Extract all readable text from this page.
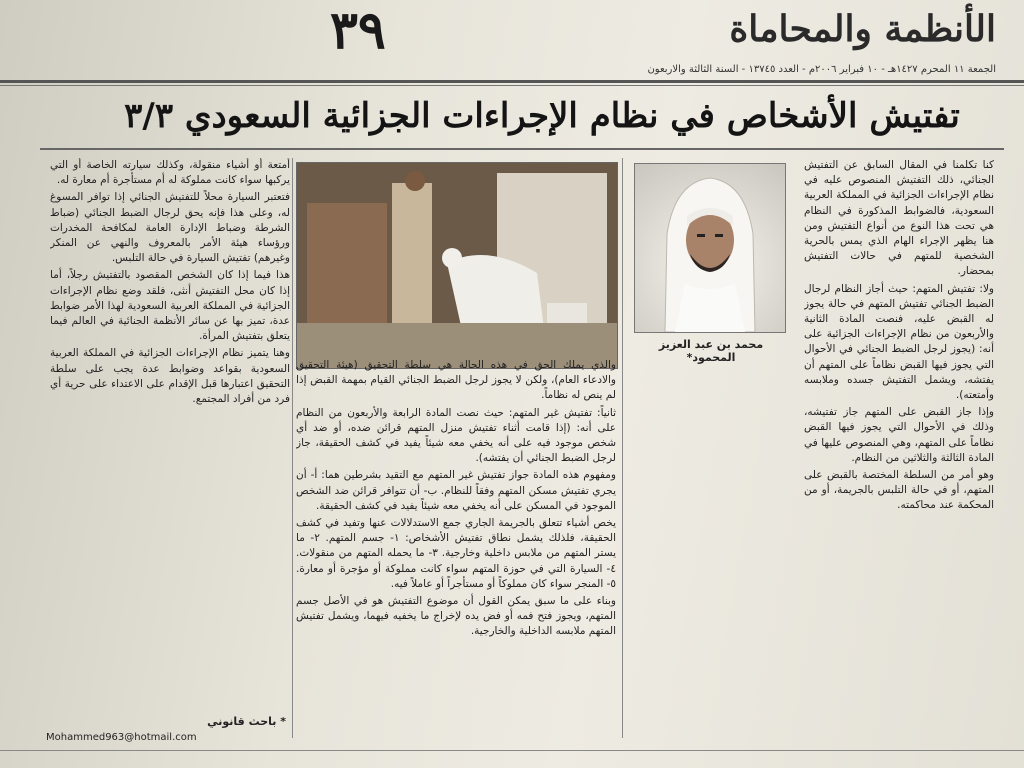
٣٩	الأنظمة والمحاماة
الجمعة ١١ المحرم ١٤٢٧هـ - ١٠ فبراير ٢٠٠٦م - العدد ١٣٧٤٥ - السنة الثالثة والاربعون
تفتيش الأشخاص في نظام الإجراءات الجزائية السعودي ٣/٣

كنا تكلمنا في المقال السابق عن التفتيش الجنائي، ذلك التفتيش المنصوص عليه في نظام الإجراءات الجزائية في المملكة العربية السعودية، فالضوابط المذكورة في النظام هي تحت هذا النوع من أنواع التفتيش ومن هنا يظهر الإجراء الهام الذي يمس بالحرية الشخصية للمتهم في حالات التفتيش بمحضار.

ولا: تفتيش المتهم: حيث أجاز النظام لرجال الضبط الجنائي تفتيش المتهم في حالة يجوز له القبض عليه، فنصت المادة الثانية والأربعون من نظام الإجراءات الجزائية على أنه: (يجوز لرجل الضبط الجنائي في الأحوال التي يجوز فيها القبض نظاماً على المتهم أن يفتشه، ويشمل التفتيش جسده وملابسه وأمتعته).

وإذا جاز القبض على المتهم جاز تفتيشه، وذلك في الأحوال التي يجوز فيها القبض نظاماً على المتهم، وهي المنصوص عليها في المادة الثالثة والثلاثين من النظام.

وهو أمر من السلطة المختصة بالقبض على المتهم، أو في حالة التلبس بالجريمة، أو من المحكمة عند محاكمته.

محمد بن عبد العزيز المحمود*

والذي يملك الحق في هذه الحالة هي سلطة التحقيق (هيئة التحقيق والادعاء العام)، ولكن لا يجوز لرجل الضبط الجنائي القيام بمهمة القبض إذا لم ينص له نظاماً.

ثانياً: تفتيش غير المتهم: حيث نصت المادة الرابعة والأربعون من النظام على أنه: (إذا قامت أثناء تفتيش منزل المتهم قرائن ضده، أو ضد أي شخص موجود فيه على أنه يخفي معه شيئاً يفيد في كشف الحقيقة، جاز لرجل الضبط الجنائي أن يفتشه).

ومفهوم هذه المادة جواز تفتيش غير المتهم مع التقيد بشرطين هما: أ- أن يجري تفتيش مسكن المتهم وفقاً للنظام. ب- أن تتوافر قرائن ضد الشخص الموجود في المسكن على أنه يخفي معه شيئاً يفيد في كشف الحقيقة.

يخص أشياء تتعلق بالجريمة الجاري جمع الاستدلالات عنها وتفيد في كشف الحقيقة، فلذلك يشمل نطاق تفتيش الأشخاص: ١- جسم المتهم. ٢- ما يستر المتهم من ملابس داخلية وخارجية. ٣- ما يحمله المتهم من منقولات. ٤- السيارة التي في حوزة المتهم سواء كانت مملوكة أو مؤجرة أو معارة. ٥- المنجر سواء كان مملوكاً أو مستأجراً أو عاملاً فيه.

وبناء على ما سبق يمكن القول أن موضوع التفتيش هو في الأصل جسم المتهم، ويجوز فتح فمه أو فض يده لإخراج ما يخفيه فيهما، ويشمل تفتيش المتهم ملابسه الداخلية والخارجية.

أمتعة أو أشياء منقولة، وكذلك سيارته الخاصة أو التي يركبها سواء كانت مملوكة له أم مستأجرة أم معارة له.

فتعتبر السيارة محلاً للتفتيش الجنائي إذا توافر المسوغ له، وعلى هذا فإنه يحق لرجال الضبط الجنائي (ضباط الشرطة وضباط الإدارة العامة لمكافحة المخدرات ورؤساء هيئة الأمر بالمعروف والنهي عن المنكر وغيرهم) تفتيش السيارة في حالة التلبس.

هذا فيما إذا كان الشخص المقصود بالتفتيش رجلاً، أما إذا كان محل التفتيش أنثى، فلقد وضع نظام الإجراءات الجزائية في المملكة العربية السعودية لهذا الأمر ضوابط عدة، تميز بها عن سائر الأنظمة الجنائية في العالم فيما يتعلق بتفتيش المرأة.

وهنا يتميز نظام الإجراءات الجزائية في المملكة العربية السعودية بقواعد وضوابط عدة يجب على سلطة التحقيق اعتبارها قبل الإقدام على الاعتداء على حرية أي فرد من أفراد المجتمع.

* باحث قانوني
Mohammed963@hotmail.com
